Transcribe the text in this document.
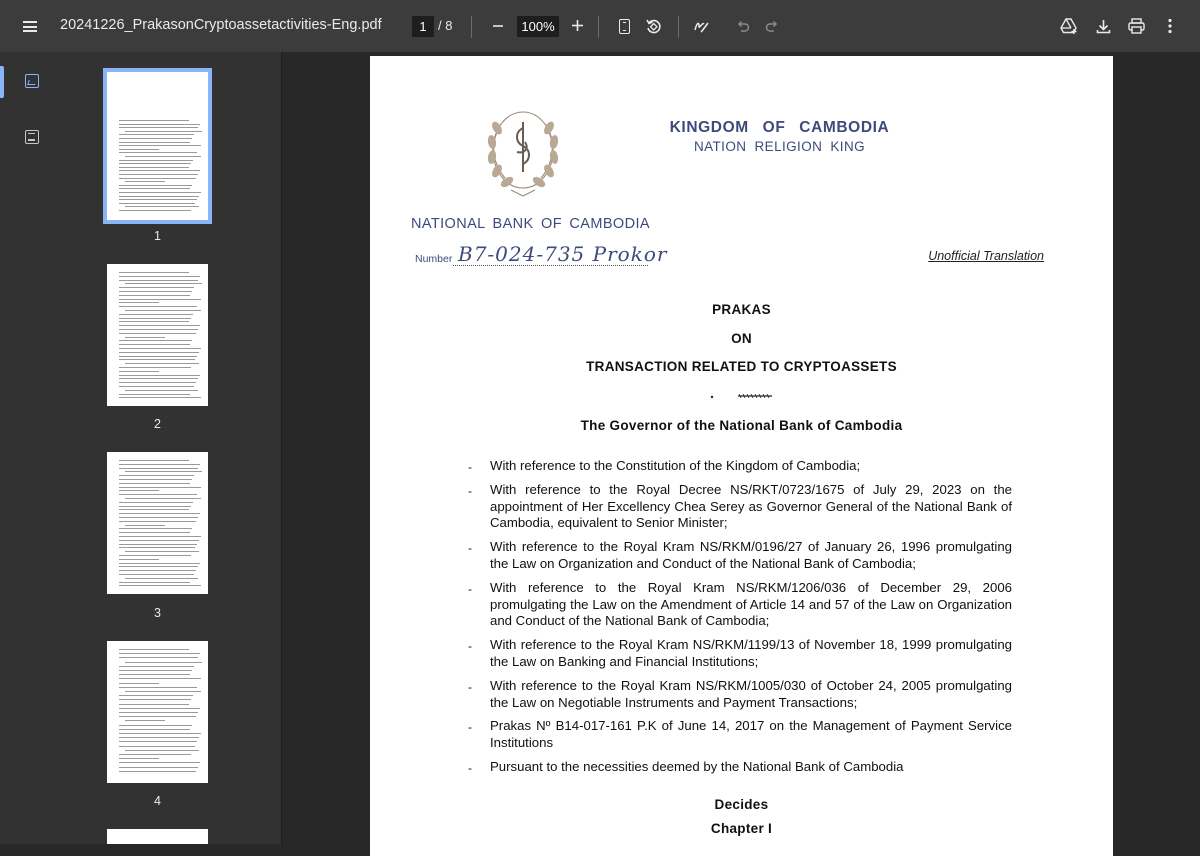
20241226_PrakasonCryptoassetactivities-Eng.pdf	1 / 8	100%
1
2
3
4
KINGDOM OF CAMBODIA
NATION RELIGION KING
NATIONAL BANK OF CAMBODIA
Number B7-024-735 Prokor	Unofficial Translation
PRAKAS
ON
TRANSACTION RELATED TO CRYPTOASSETS
The Governor of the National Bank of Cambodia
- With reference to the Constitution of the Kingdom of Cambodia;
- With reference to the Royal Decree NS/RKT/0723/1675 of July 29, 2023 on the appointment of Her Excellency Chea Serey as Governor General of the National Bank of Cambodia, equivalent to Senior Minister;
- With reference to the Royal Kram NS/RKM/0196/27 of January 26, 1996 promulgating the Law on Organization and Conduct of the National Bank of Cambodia;
- With reference to the Royal Kram NS/RKM/1206/036 of December 29, 2006 promulgating the Law on the Amendment of Article 14 and 57 of the Law on Organization and Conduct of the National Bank of Cambodia;
- With reference to the Royal Kram NS/RKM/1199/13 of November 18, 1999 promulgating the Law on Banking and Financial Institutions;
- With reference to the Royal Kram NS/RKM/1005/030 of October 24, 2005 promulgating the Law on Negotiable Instruments and Payment Transactions;
- Prakas Nº B14-017-161 P.K of June 14, 2017 on the Management of Payment Service Institutions
- Pursuant to the necessities deemed by the National Bank of Cambodia
Decides
Chapter I
